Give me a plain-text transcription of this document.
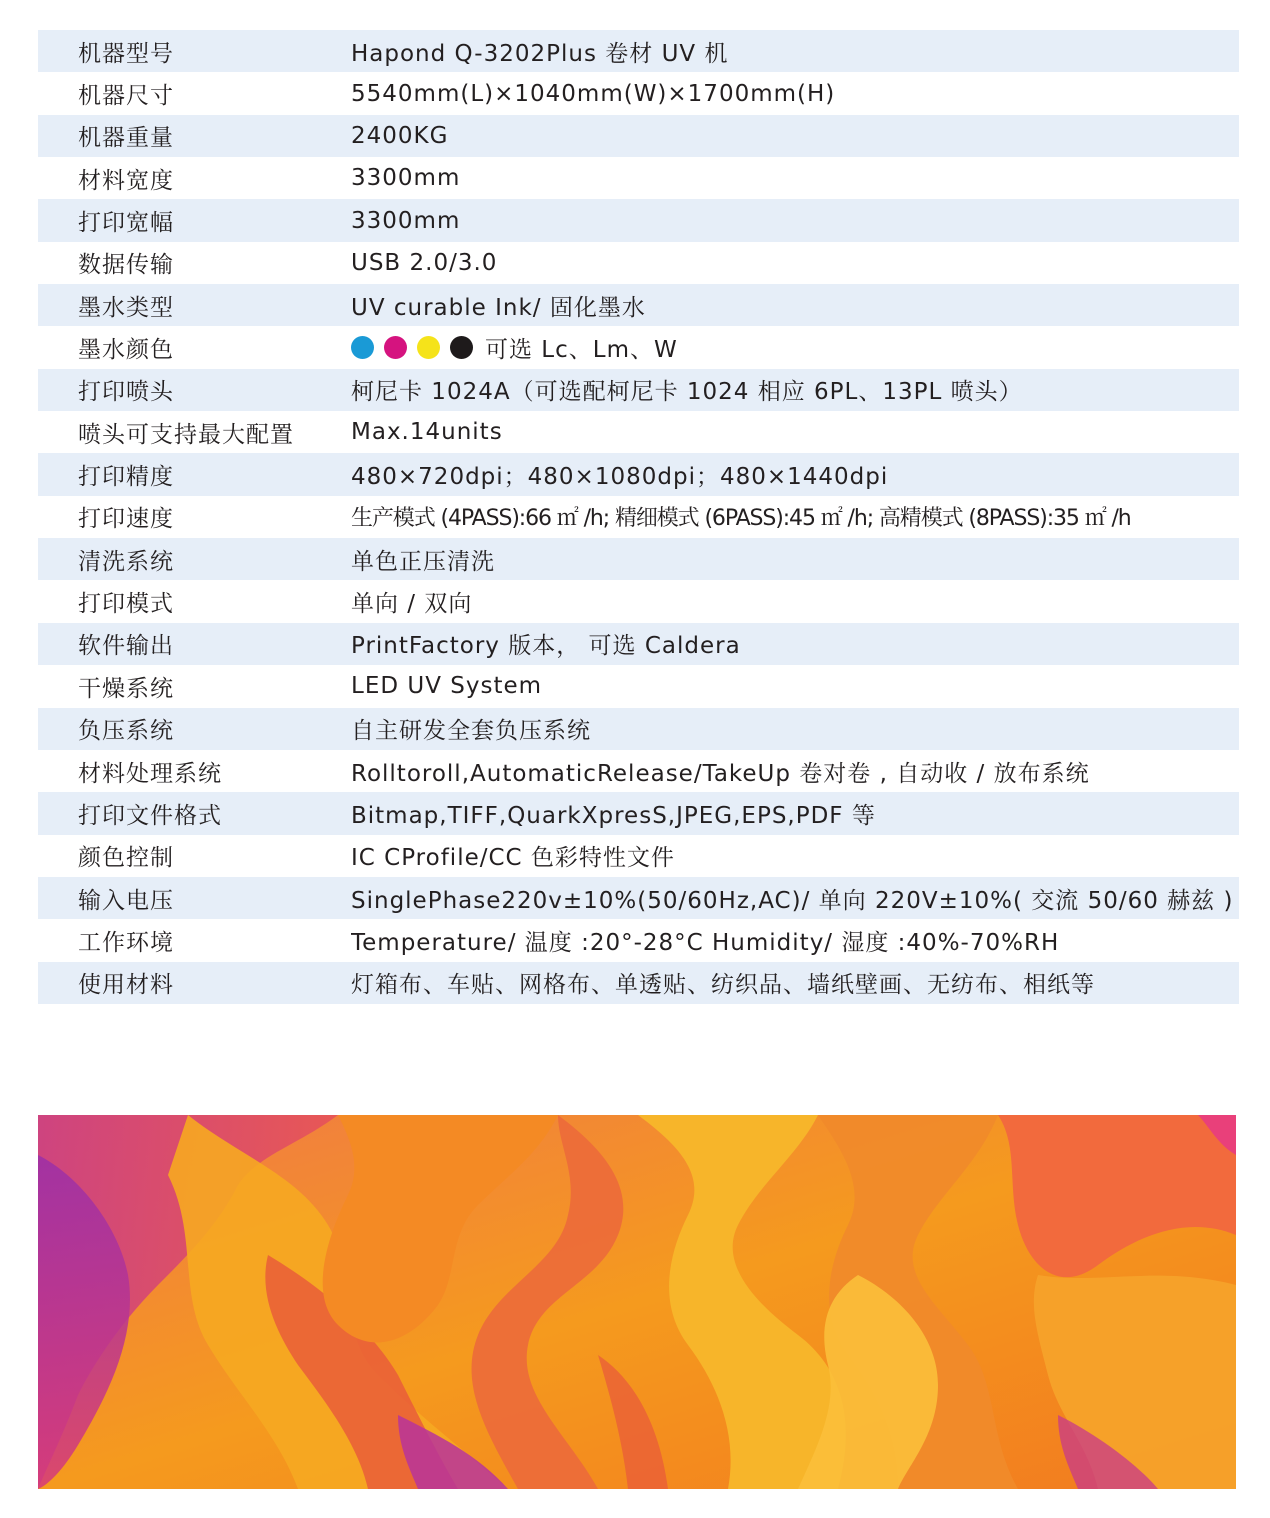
机器型号	Hapond Q-3202Plus 卷材 UV 机
机器尺寸	5540mm(L)×1040mm(W)×1700mm(H)
机器重量	2400KG
材料宽度	3300mm
打印宽幅	3300mm
数据传输	USB 2.0/3.0
墨水类型	UV curable Ink/ 固化墨水
墨水颜色	可选 Lc、Lm、W
打印喷头	柯尼卡 1024A（可选配柯尼卡 1024 相应 6PL、13PL 喷头）
喷头可支持最大配置	Max.14units
打印精度	480×720dpi；480×1080dpi；480×1440dpi
打印速度	生产模式 (4PASS):66 ㎡ /h; 精细模式 (6PASS):45 ㎡ /h; 高精模式 (8PASS):35 ㎡ /h
清洗系统	单色正压清洗
打印模式	单向 / 双向
软件输出	PrintFactory 版本， 可选 Caldera
干燥系统	LED UV System
负压系统	自主研发全套负压系统
材料处理系统	Rolltoroll,AutomaticRelease/TakeUp 卷对卷 , 自动收 / 放布系统
打印文件格式	Bitmap,TIFF,QuarkXpresS,JPEG,EPS,PDF 等
颜色控制	IC CProfile/CC 色彩特性文件
输入电压	SinglePhase220v±10%(50/60Hz,AC)/ 单向 220V±10%( 交流 50/60 赫兹 )
工作环境	Temperature/ 温度 :20°-28°C Humidity/ 湿度 :40%-70%RH
使用材料	灯箱布、车贴、网格布、单透贴、纺织品、墙纸壁画、无纺布、相纸等
